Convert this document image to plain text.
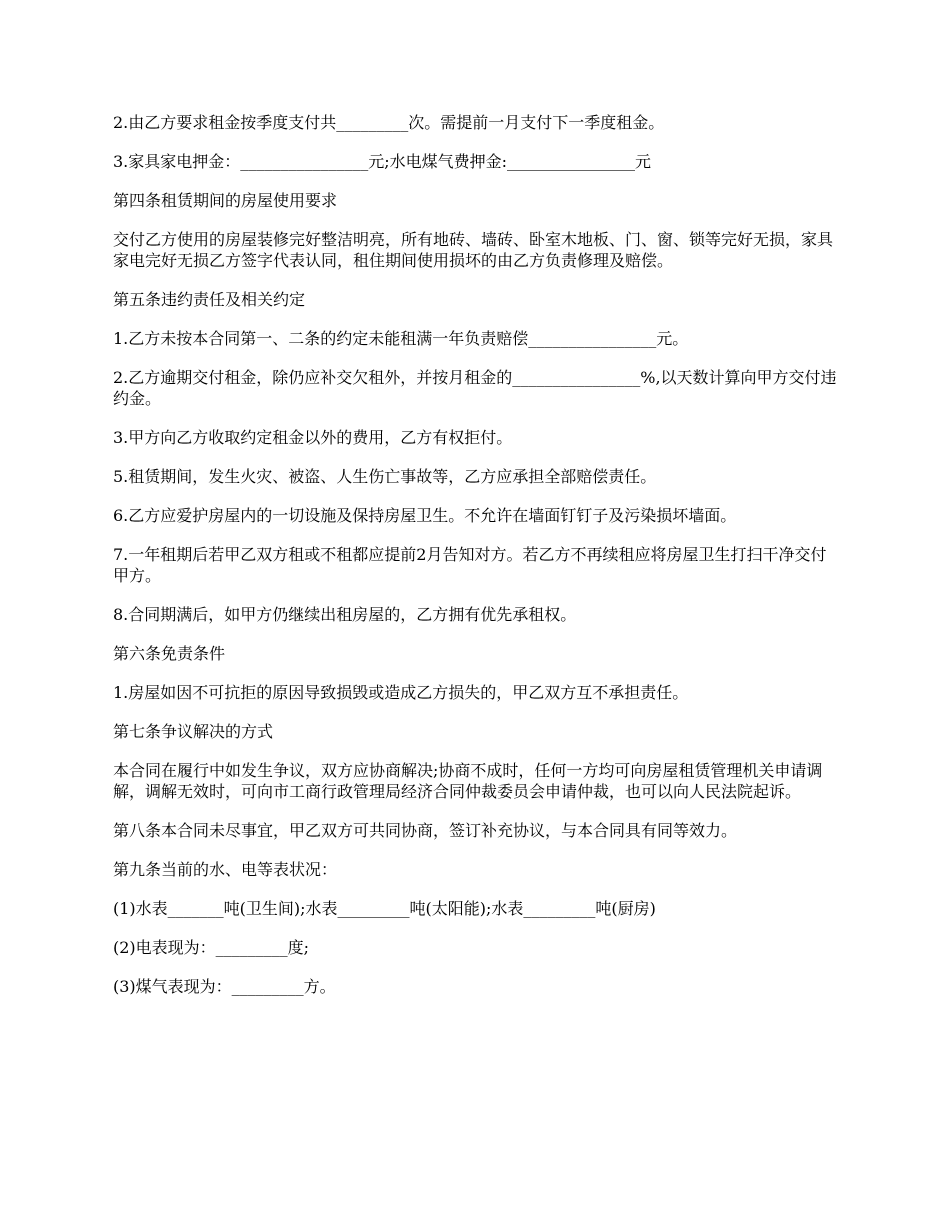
2.由乙方要求租金按季度支付共_________次。需提前一月支付下一季度租金。

3.家具家电押金：________________元;水电煤气费押金:________________元

第四条租赁期间的房屋使用要求

交付乙方使用的房屋装修完好整洁明亮，所有地砖、墙砖、卧室木地板、门、窗、锁等完好无损，家具家电完好无损乙方签字代表认同，租住期间使用损坏的由乙方负责修理及赔偿。

第五条违约责任及相关约定

1.乙方未按本合同第一、二条的约定未能租满一年负责赔偿________________元。

2.乙方逾期交付租金，除仍应补交欠租外，并按月租金的________________%,以天数计算向甲方交付违约金。

3.甲方向乙方收取约定租金以外的费用，乙方有权拒付。

5.租赁期间，发生火灾、被盗、人生伤亡事故等，乙方应承担全部赔偿责任。

6.乙方应爱护房屋内的一切设施及保持房屋卫生。不允许在墙面钉钉子及污染损坏墙面。

7.一年租期后若甲乙双方租或不租都应提前2月告知对方。若乙方不再续租应将房屋卫生打扫干净交付甲方。

8.合同期满后，如甲方仍继续出租房屋的，乙方拥有优先承租权。

第六条免责条件

1.房屋如因不可抗拒的原因导致损毁或造成乙方损失的，甲乙双方互不承担责任。

第七条争议解决的方式

本合同在履行中如发生争议，双方应协商解决;协商不成时，任何一方均可向房屋租赁管理机关申请调解，调解无效时，可向市工商行政管理局经济合同仲裁委员会申请仲裁，也可以向人民法院起诉。

第八条本合同未尽事宜，甲乙双方可共同协商，签订补充协议，与本合同具有同等效力。

第九条当前的水、电等表状况：

(1)水表_______吨(卫生间);水表_________吨(太阳能);水表_________吨(厨房)

(2)电表现为：_________度;

(3)煤气表现为：_________方。
